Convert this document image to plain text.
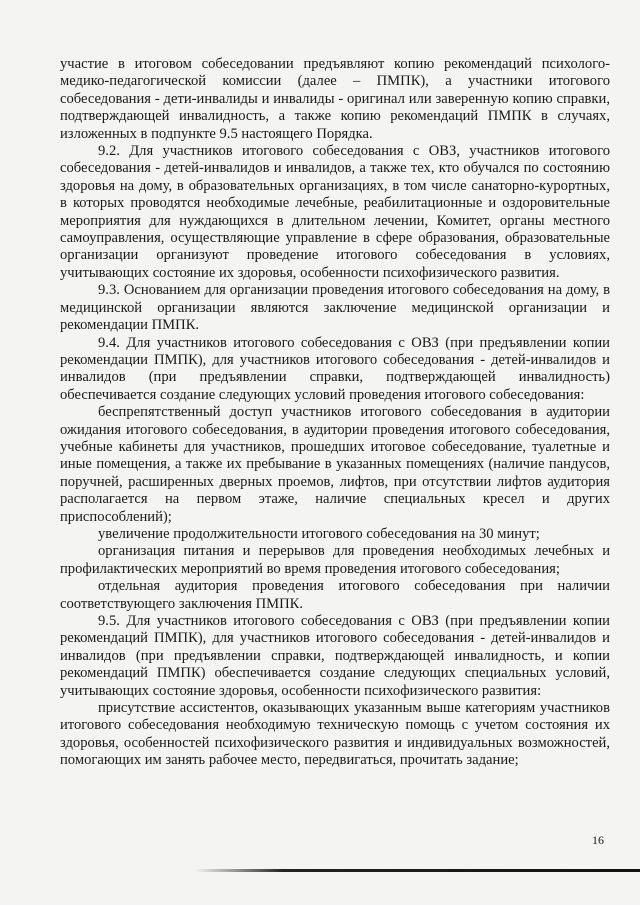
участие в итоговом собеседовании предъявляют копию рекомендаций психолого-медико-педагогической комиссии (далее – ПМПК), а участники итогового собеседования - дети-инвалиды и инвалиды - оригинал или заверенную копию справки, подтверждающей инвалидность, а также копию рекомендаций ПМПК в случаях, изложенных в подпункте 9.5 настоящего Порядка.

9.2. Для участников итогового собеседования с ОВЗ, участников итогового собеседования - детей-инвалидов и инвалидов, а также тех, кто обучался по состоянию здоровья на дому, в образовательных организациях, в том числе санаторно-курортных, в которых проводятся необходимые лечебные, реабилитационные и оздоровительные мероприятия для нуждающихся в длительном лечении, Комитет, органы местного самоуправления, осуществляющие управление в сфере образования, образовательные организации организуют проведение итогового собеседования в условиях, учитывающих состояние их здоровья, особенности психофизического развития.

9.3. Основанием для организации проведения итогового собеседования на дому, в медицинской организации являются заключение медицинской организации и рекомендации ПМПК.

9.4. Для участников итогового собеседования с ОВЗ (при предъявлении копии рекомендации ПМПК), для участников итогового собеседования - детей-инвалидов и инвалидов (при предъявлении справки, подтверждающей инвалидность) обеспечивается создание следующих условий проведения итогового собеседования:

беспрепятственный доступ участников итогового собеседования в аудитории ожидания итогового собеседования, в аудитории проведения итогового собеседования, учебные кабинеты для участников, прошедших итоговое собеседование, туалетные и иные помещения, а также их пребывание в указанных помещениях (наличие пандусов, поручней, расширенных дверных проемов, лифтов, при отсутствии лифтов аудитория располагается на первом этаже, наличие специальных кресел и других приспособлений);

увеличение продолжительности итогового собеседования на 30 минут;

организация питания и перерывов для проведения необходимых лечебных и профилактических мероприятий во время проведения итогового собеседования;

отдельная аудитория проведения итогового собеседования при наличии соответствующего заключения ПМПК.

9.5. Для участников итогового собеседования с ОВЗ (при предъявлении копии рекомендаций ПМПК), для участников итогового собеседования - детей-инвалидов и инвалидов (при предъявлении справки, подтверждающей инвалидность, и копии рекомендаций ПМПК) обеспечивается создание следующих специальных условий, учитывающих состояние здоровья, особенности психофизического развития:

присутствие ассистентов, оказывающих указанным выше категориям участников итогового собеседования необходимую техническую помощь с учетом состояния их здоровья, особенностей психофизического развития и индивидуальных возможностей, помогающих им занять рабочее место, передвигаться, прочитать задание;

16
